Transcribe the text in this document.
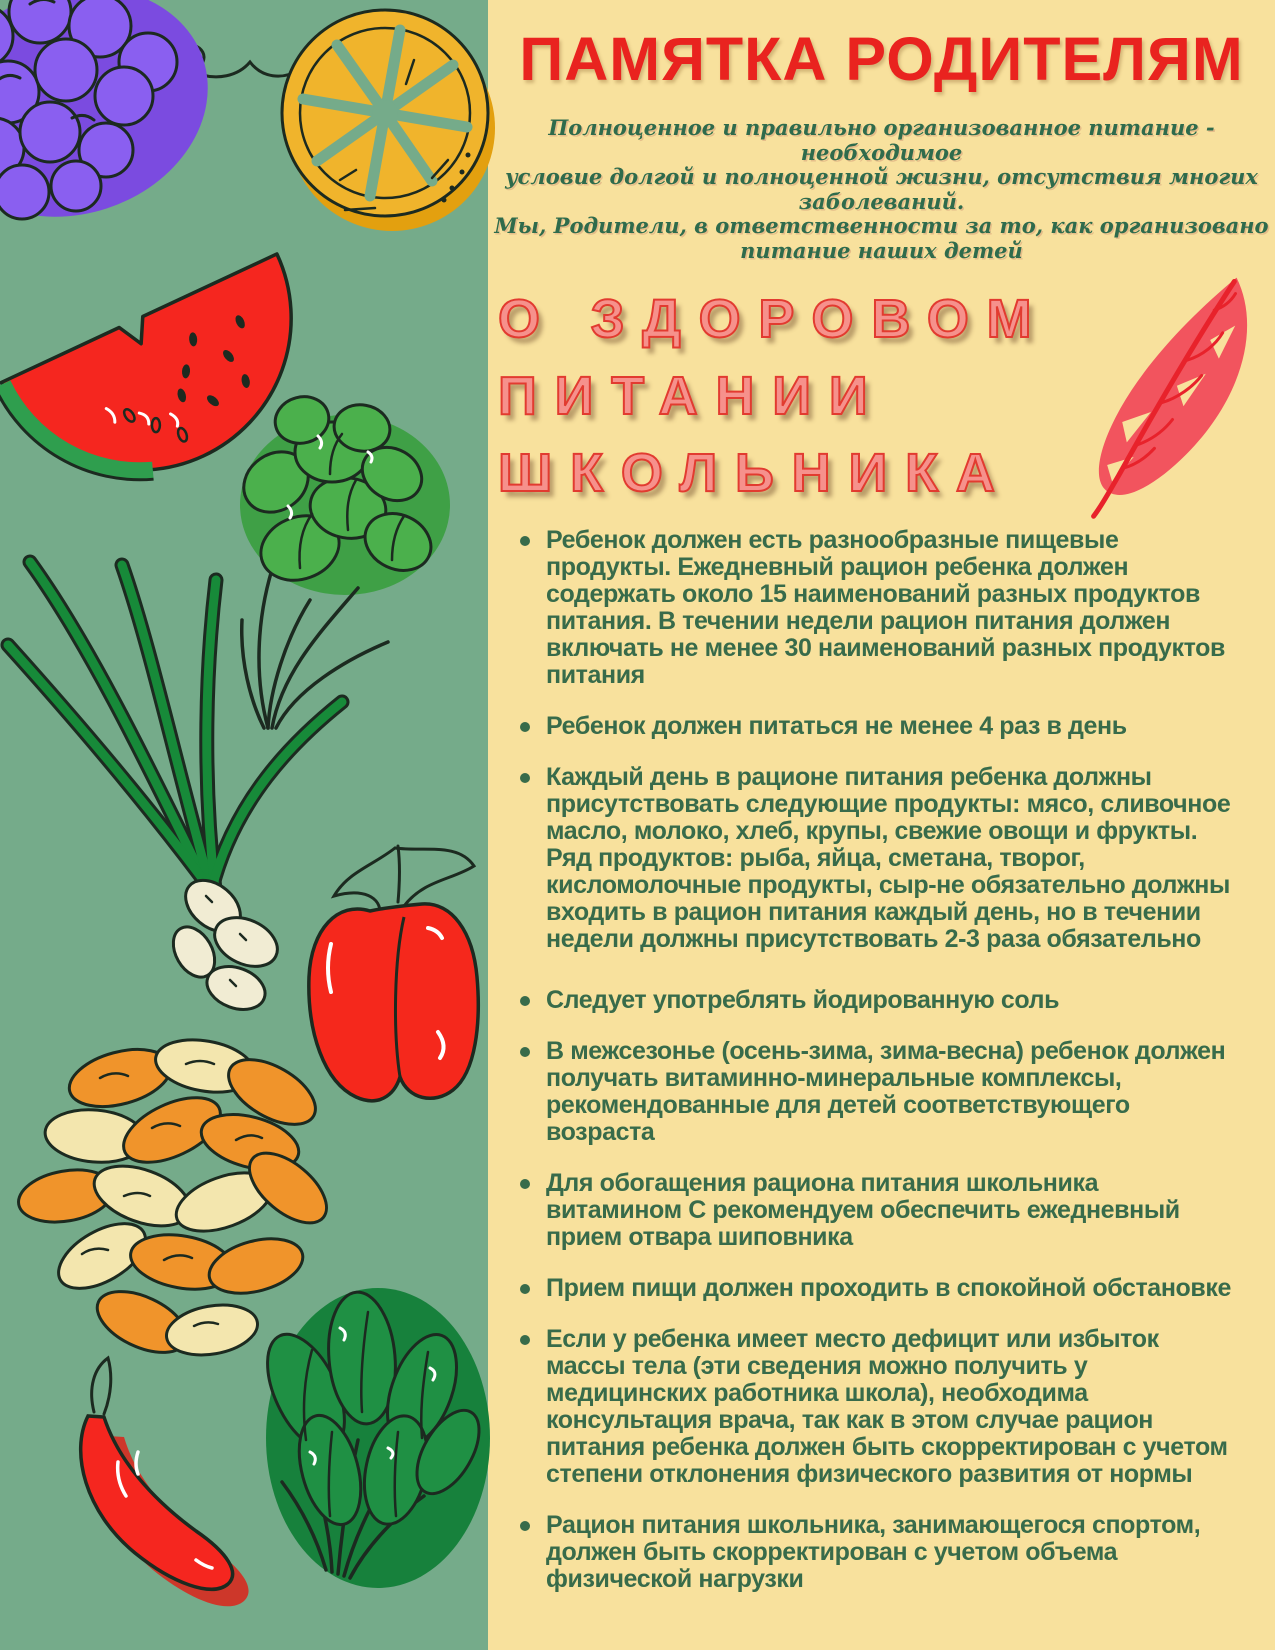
ПАМЯТКА РОДИТЕЛЯМ
Полноценное и правильно организованное питание -
необходимое
условие долгой и полноценной жизни, отсутствия многих
заболеваний.
Мы, Родители, в ответственности за то, как организовано
питание наших детей
О ЗДОРОВОМ
ПИТАНИИ
ШКОЛЬНИКА
Ребенок должен есть разнообразные пищевые продукты. Ежедневный рацион ребенка должен содержать около 15 наименований разных продуктов питания. В течении недели рацион питания должен включать не менее 30 наименований разных продуктов питания
Ребенок должен питаться не менее 4 раз в день
Каждый день в рационе питания ребенка должны присутствовать следующие продукты: мясо, сливочное масло, молоко, хлеб, крупы, свежие овощи и фрукты. Ряд продуктов: рыба, яйца, сметана, творог, кисломолочные продукты, сыр-не обязательно должны входить в рацион питания каждый день, но в течении недели должны присутствовать 2-3 раза обязательно
Следует употреблять йодированную соль
В межсезонье (осень-зима, зима-весна) ребенок должен получать витаминно-минеральные комплексы, рекомендованные для детей соответствующего возраста
Для обогащения рациона питания школьника витамином С рекомендуем обеспечить ежедневный прием отвара шиповника
Прием пищи должен проходить в спокойной обстановке
Если у ребенка имеет место дефицит или избыток массы тела (эти сведения можно получить у медицинских работника школа), необходима консультация врача, так как в этом случае рацион питания ребенка должен быть скорректирован с учетом степени отклонения физического развития от нормы
Рацион питания школьника, занимающегося спортом, должен быть скорректирован с учетом объема физической нагрузки
